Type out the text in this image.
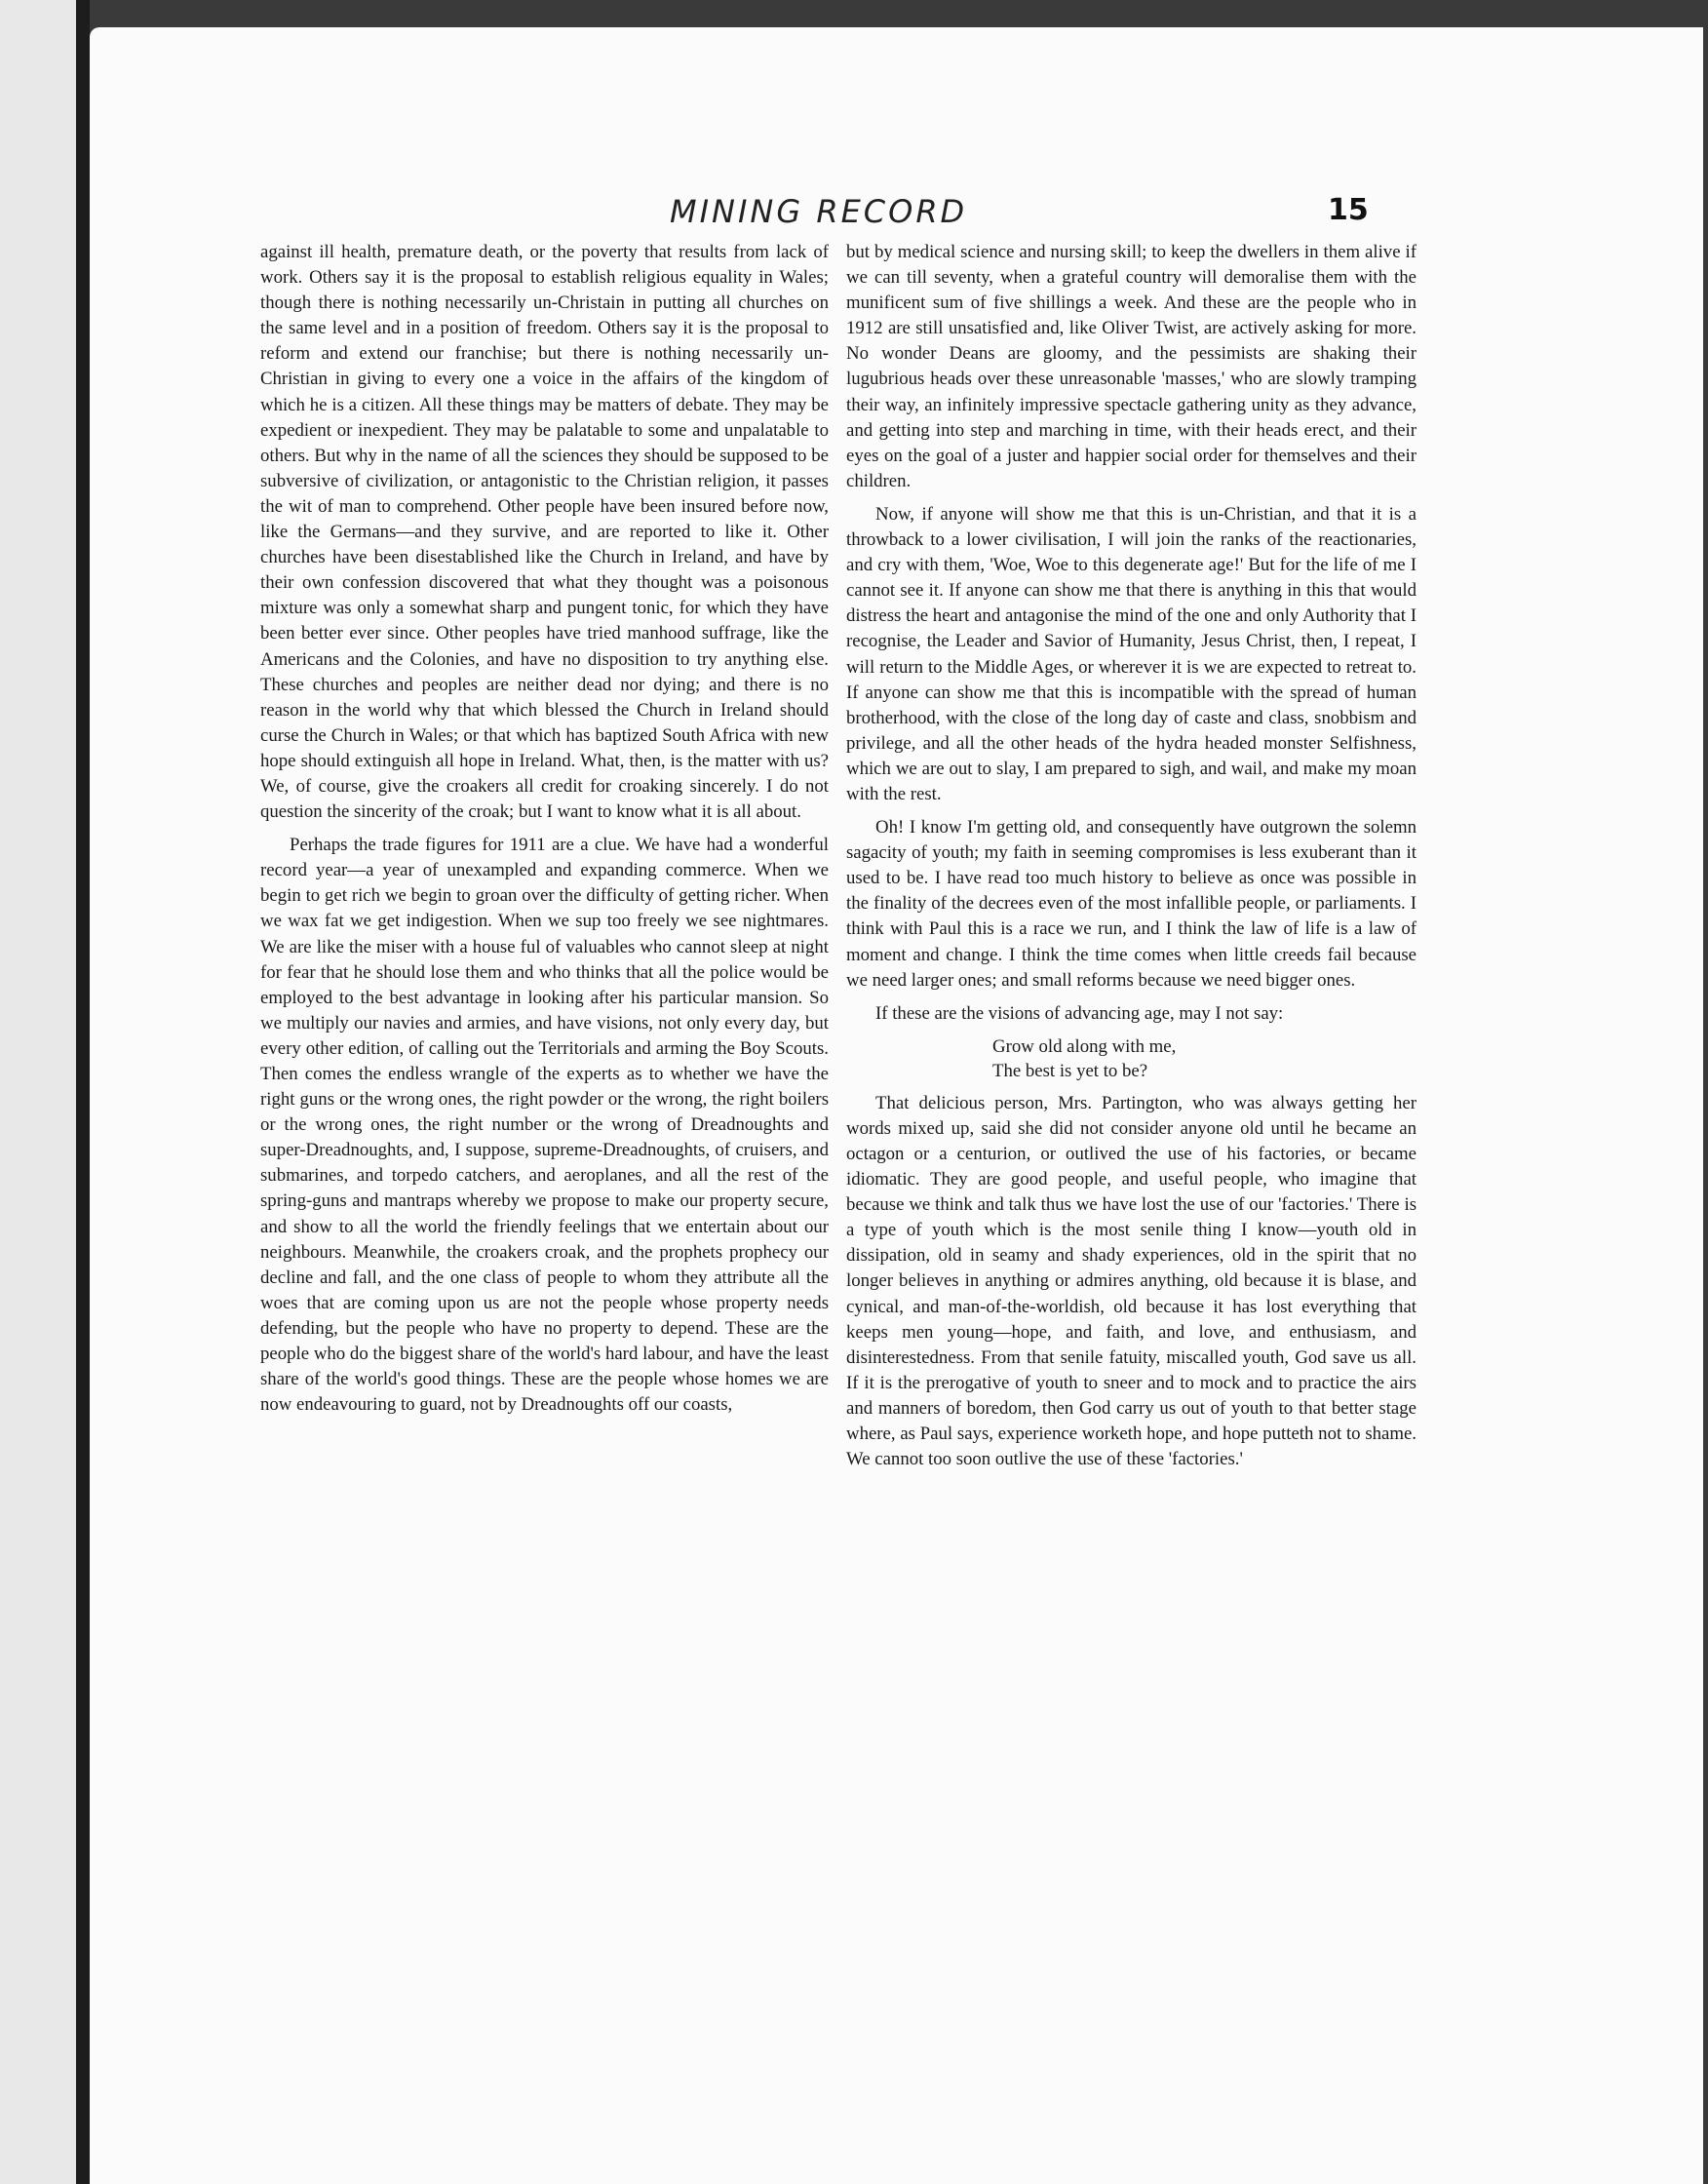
MINING RECORD	15

against ill health, premature death, or the poverty that results from lack of work. Others say it is the proposal to establish religious equality in Wales; though there is nothing necessarily un-Christain in putting all churches on the same level and in a position of freedom. Others say it is the proposal to reform and extend our franchise; but there is nothing necessarily un-Christian in giving to every one a voice in the affairs of the kingdom of which he is a citizen. All these things may be matters of debate. They may be expedient or inexpedient. They may be palatable to some and unpalatable to others. But why in the name of all the sciences they should be supposed to be subversive of civilization, or antagonistic to the Christian religion, it passes the wit of man to comprehend. Other people have been insured before now, like the Germans—and they survive, and are reported to like it. Other churches have been disestablished like the Church in Ireland, and have by their own confession discovered that what they thought was a poisonous mixture was only a somewhat sharp and pungent tonic, for which they have been better ever since. Other peoples have tried manhood suffrage, like the Americans and the Colonies, and have no disposition to try anything else. These churches and peoples are neither dead nor dying; and there is no reason in the world why that which blessed the Church in Ireland should curse the Church in Wales; or that which has baptized South Africa with new hope should extinguish all hope in Ireland. What, then, is the matter with us? We, of course, give the croakers all credit for croaking sincerely. I do not question the sincerity of the croak; but I want to know what it is all about.

Perhaps the trade figures for 1911 are a clue. We have had a wonderful record year—a year of unexampled and expanding commerce. When we begin to get rich we begin to groan over the difficulty of getting richer. When we wax fat we get indigestion. When we sup too freely we see nightmares. We are like the miser with a house ful of valuables who cannot sleep at night for fear that he should lose them and who thinks that all the police would be employed to the best advantage in looking after his particular mansion. So we multiply our navies and armies, and have visions, not only every day, but every other edition, of calling out the Territorials and arming the Boy Scouts. Then comes the endless wrangle of the experts as to whether we have the right guns or the wrong ones, the right powder or the wrong, the right boilers or the wrong ones, the right number or the wrong of Dreadnoughts and super-Dreadnoughts, and, I suppose, supreme-Dreadnoughts, of cruisers, and submarines, and torpedo catchers, and aeroplanes, and all the rest of the spring-guns and mantraps whereby we propose to make our property secure, and show to all the world the friendly feelings that we entertain about our neighbours. Meanwhile, the croakers croak, and the prophets prophecy our decline and fall, and the one class of people to whom they attribute all the woes that are coming upon us are not the people whose property needs defending, but the people who have no property to depend. These are the people who do the biggest share of the world's hard labour, and have the least share of the world's good things. These are the people whose homes we are now endeavouring to guard, not by Dreadnoughts off our coasts,

but by medical science and nursing skill; to keep the dwellers in them alive if we can till seventy, when a grateful country will demoralise them with the munificent sum of five shillings a week. And these are the people who in 1912 are still unsatisfied and, like Oliver Twist, are actively asking for more. No wonder Deans are gloomy, and the pessimists are shaking their lugubrious heads over these unreasonable 'masses,' who are slowly tramping their way, an infinitely impressive spectacle gathering unity as they advance, and getting into step and marching in time, with their heads erect, and their eyes on the goal of a juster and happier social order for themselves and their children.

Now, if anyone will show me that this is un-Christian, and that it is a throwback to a lower civilisation, I will join the ranks of the reactionaries, and cry with them, 'Woe, Woe to this degenerate age!' But for the life of me I cannot see it. If anyone can show me that there is anything in this that would distress the heart and antagonise the mind of the one and only Authority that I recognise, the Leader and Savior of Humanity, Jesus Christ, then, I repeat, I will return to the Middle Ages, or wherever it is we are expected to retreat to. If anyone can show me that this is incompatible with the spread of human brotherhood, with the close of the long day of caste and class, snobbism and privilege, and all the other heads of the hydra headed monster Selfishness, which we are out to slay, I am prepared to sigh, and wail, and make my moan with the rest.

Oh! I know I'm getting old, and consequently have outgrown the solemn sagacity of youth; my faith in seeming compromises is less exuberant than it used to be. I have read too much history to believe as once was possible in the finality of the decrees even of the most infallible people, or parliaments. I think with Paul this is a race we run, and I think the law of life is a law of moment and change. I think the time comes when little creeds fail because we need larger ones; and small reforms because we need bigger ones.

If these are the visions of advancing age, may I not say:

Grow old along with me,
The best is yet to be?

That delicious person, Mrs. Partington, who was always getting her words mixed up, said she did not consider anyone old until he became an octagon or a centurion, or outlived the use of his factories, or became idiomatic. They are good people, and useful people, who imagine that because we think and talk thus we have lost the use of our 'factories.' There is a type of youth which is the most senile thing I know—youth old in dissipation, old in seamy and shady experiences, old in the spirit that no longer believes in anything or admires anything, old because it is blase, and cynical, and man-of-the-worldish, old because it has lost everything that keeps men young—hope, and faith, and love, and enthusiasm, and disinterestedness. From that senile fatuity, miscalled youth, God save us all. If it is the prerogative of youth to sneer and to mock and to practice the airs and manners of boredom, then God carry us out of youth to that better stage where, as Paul says, experience worketh hope, and hope putteth not to shame. We cannot too soon outlive the use of these 'factories.'
